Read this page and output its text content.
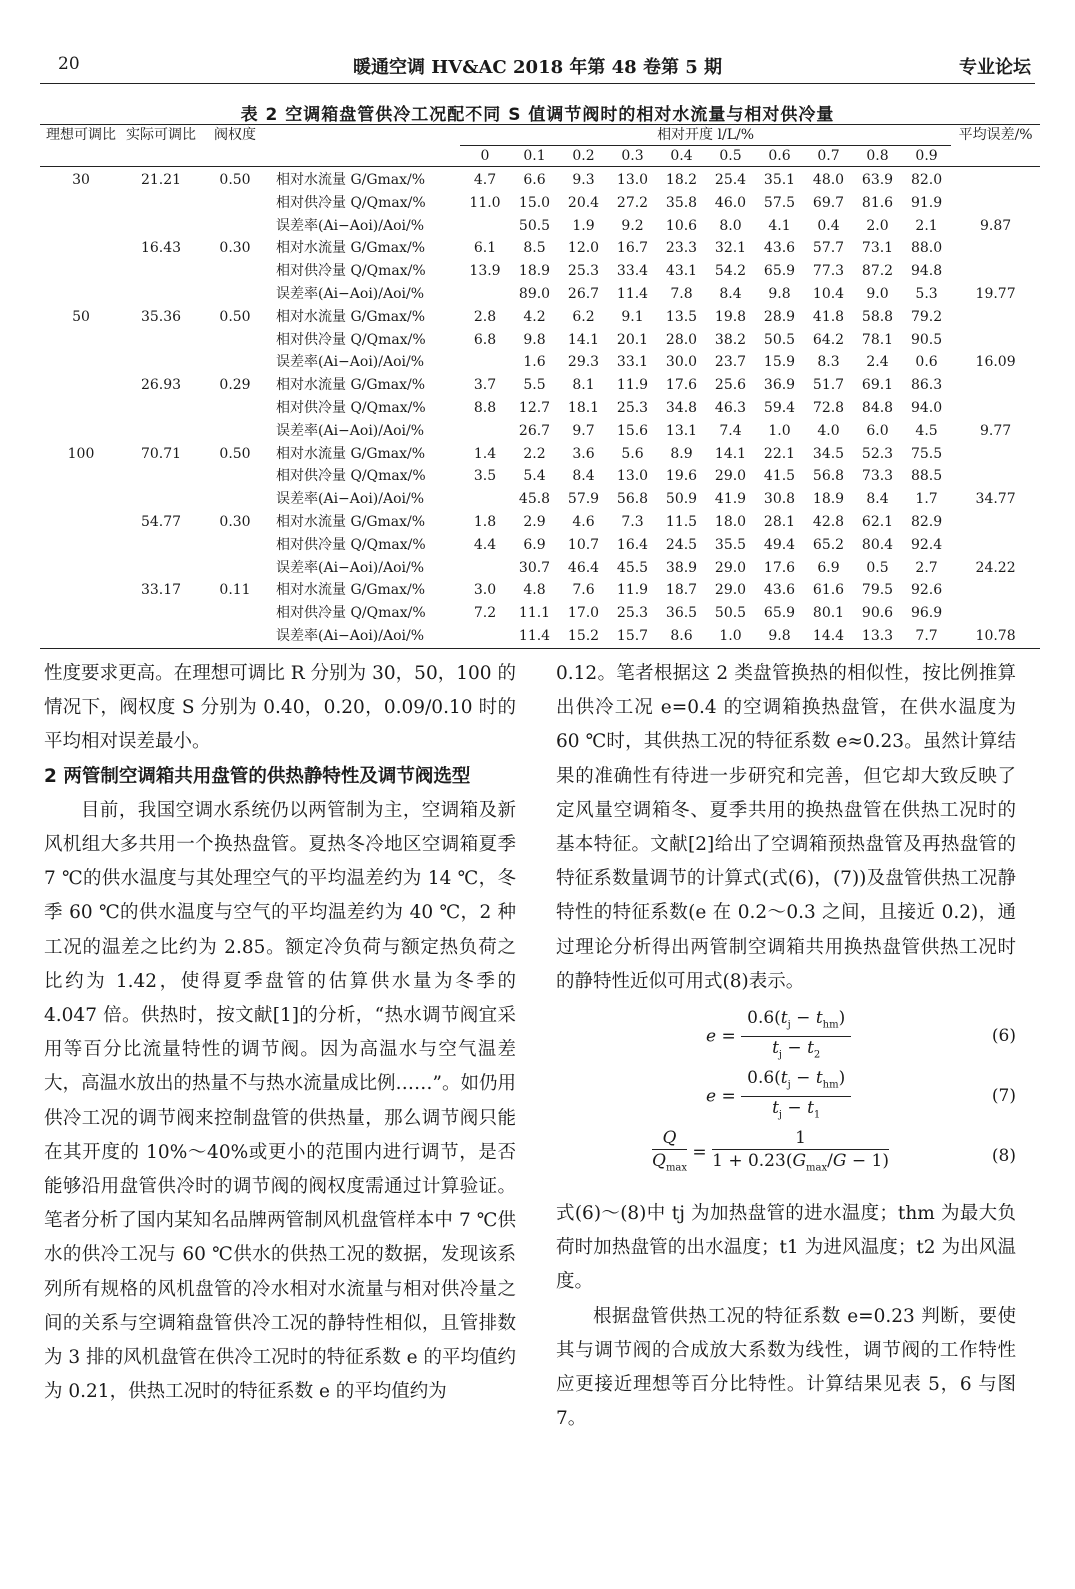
20	暖通空调 HV&AC 2018 年第 48 卷第 5 期	专业论坛
表 2 空调箱盘管供冷工况配不同 S 值调节阀时的相对水流量与相对供冷量
理想可调比	实际可调比	阀权度		相对开度 l/L/%										平均误差/%
				0	0.1	0.2	0.3	0.4	0.5	0.6	0.7	0.8	0.9	
30	21.21	0.50	相对水流量 G/Gmax/%	4.7	6.6	9.3	13.0	18.2	25.4	35.1	48.0	63.9	82.0	
			相对供冷量 Q/Qmax/%	11.0	15.0	20.4	27.2	35.8	46.0	57.5	69.7	81.6	91.9	
			误差率(Ai−Aoi)/Aoi/%		50.5	1.9	9.2	10.6	8.0	4.1	0.4	2.0	2.1	9.87
	16.43	0.30	相对水流量 G/Gmax/%	6.1	8.5	12.0	16.7	23.3	32.1	43.6	57.7	73.1	88.0	
			相对供冷量 Q/Qmax/%	13.9	18.9	25.3	33.4	43.1	54.2	65.9	77.3	87.2	94.8	
			误差率(Ai−Aoi)/Aoi/%		89.0	26.7	11.4	7.8	8.4	9.8	10.4	9.0	5.3	19.77
50	35.36	0.50	相对水流量 G/Gmax/%	2.8	4.2	6.2	9.1	13.5	19.8	28.9	41.8	58.8	79.2	
			相对供冷量 Q/Qmax/%	6.8	9.8	14.1	20.1	28.0	38.2	50.5	64.2	78.1	90.5	
			误差率(Ai−Aoi)/Aoi/%		1.6	29.3	33.1	30.0	23.7	15.9	8.3	2.4	0.6	16.09
	26.93	0.29	相对水流量 G/Gmax/%	3.7	5.5	8.1	11.9	17.6	25.6	36.9	51.7	69.1	86.3	
			相对供冷量 Q/Qmax/%	8.8	12.7	18.1	25.3	34.8	46.3	59.4	72.8	84.8	94.0	
			误差率(Ai−Aoi)/Aoi/%		26.7	9.7	15.6	13.1	7.4	1.0	4.0	6.0	4.5	9.77
100	70.71	0.50	相对水流量 G/Gmax/%	1.4	2.2	3.6	5.6	8.9	14.1	22.1	34.5	52.3	75.5	
			相对供冷量 Q/Qmax/%	3.5	5.4	8.4	13.0	19.6	29.0	41.5	56.8	73.3	88.5	
			误差率(Ai−Aoi)/Aoi/%		45.8	57.9	56.8	50.9	41.9	30.8	18.9	8.4	1.7	34.77
	54.77	0.30	相对水流量 G/Gmax/%	1.8	2.9	4.6	7.3	11.5	18.0	28.1	42.8	62.1	82.9	
			相对供冷量 Q/Qmax/%	4.4	6.9	10.7	16.4	24.5	35.5	49.4	65.2	80.4	92.4	
			误差率(Ai−Aoi)/Aoi/%		30.7	46.4	45.5	38.9	29.0	17.6	6.9	0.5	2.7	24.22
	33.17	0.11	相对水流量 G/Gmax/%	3.0	4.8	7.6	11.9	18.7	29.0	43.6	61.6	79.5	92.6	
			相对供冷量 Q/Qmax/%	7.2	11.1	17.0	25.3	36.5	50.5	65.9	80.1	90.6	96.9	
			误差率(Ai−Aoi)/Aoi/%		11.4	15.2	15.7	8.6	1.0	9.8	14.4	13.3	7.7	10.78

性度要求更高。在理想可调比 R 分别为 30，50，100 的情况下，阀权度 S 分别为 0.40，0.20，0.09/0.10 时的平均相对误差最小。

2 两管制空调箱共用盘管的供热静特性及调节阀选型

目前，我国空调水系统仍以两管制为主，空调箱及新风机组大多共用一个换热盘管。夏热冬冷地区空调箱夏季 7 ℃的供水温度与其处理空气的平均温差约为 14 ℃，冬季 60 ℃的供水温度与空气的平均温差约为 40 ℃，2 种工况的温差之比约为 2.85。额定冷负荷与额定热负荷之比约为 1.42，使得夏季盘管的估算供水量为冬季的 4.047 倍。供热时，按文献[1]的分析，“热水调节阀宜采用等百分比流量特性的调节阀。因为高温水与空气温差大，高温水放出的热量不与热水流量成比例……”。如仍用供冷工况的调节阀来控制盘管的供热量，那么调节阀只能在其开度的 10%～40%或更小的范围内进行调节，是否能够沿用盘管供冷时的调节阀的阀权度需通过计算验证。笔者分析了国内某知名品牌两管制风机盘管样本中 7 ℃供水的供冷工况与 60 ℃供水的供热工况的数据，发现该系列所有规格的风机盘管的冷水相对水流量与相对供冷量之间的关系与空调箱盘管供冷工况的静特性相似，且管排数为 3 排的风机盘管在供冷工况时的特征系数 e 的平均值约为 0.21，供热工况时的特征系数 e 的平均值约为

0.12。笔者根据这 2 类盘管换热的相似性，按比例推算出供冷工况 e=0.4 的空调箱换热盘管，在供水温度为 60 ℃时，其供热工况的特征系数 e≈0.23。虽然计算结果的准确性有待进一步研究和完善，但它却大致反映了定风量空调箱冬、夏季共用的换热盘管在供热工况时的基本特征。文献[2]给出了空调箱预热盘管及再热盘管的特征系数量调节的计算式(式(6)，(7))及盘管供热工况静特性的特征系数(e 在 0.2～0.3 之间，且接近 0.2)，通过理论分析得出两管制空调箱共用换热盘管供热工况时的静特性近似可用式(8)表示。

$e = \frac{0.6(t_j - t_{hm})}{t_j - t_2}$	(6)
$e = \frac{0.6(t_j - t_{hm})}{t_j - t_1}$	(7)
$\frac{Q}{Q_{max}} = \frac{1}{1 + 0.23(G_{max}/G - 1)}$	(8)

式(6)～(8)中 tj 为加热盘管的进水温度；thm 为最大负荷时加热盘管的出水温度；t1 为进风温度；t2 为出风温度。

根据盘管供热工况的特征系数 e=0.23 判断，要使其与调节阀的合成放大系数为线性，调节阀的工作特性应更接近理想等百分比特性。计算结果见表 5，6 与图 7。
